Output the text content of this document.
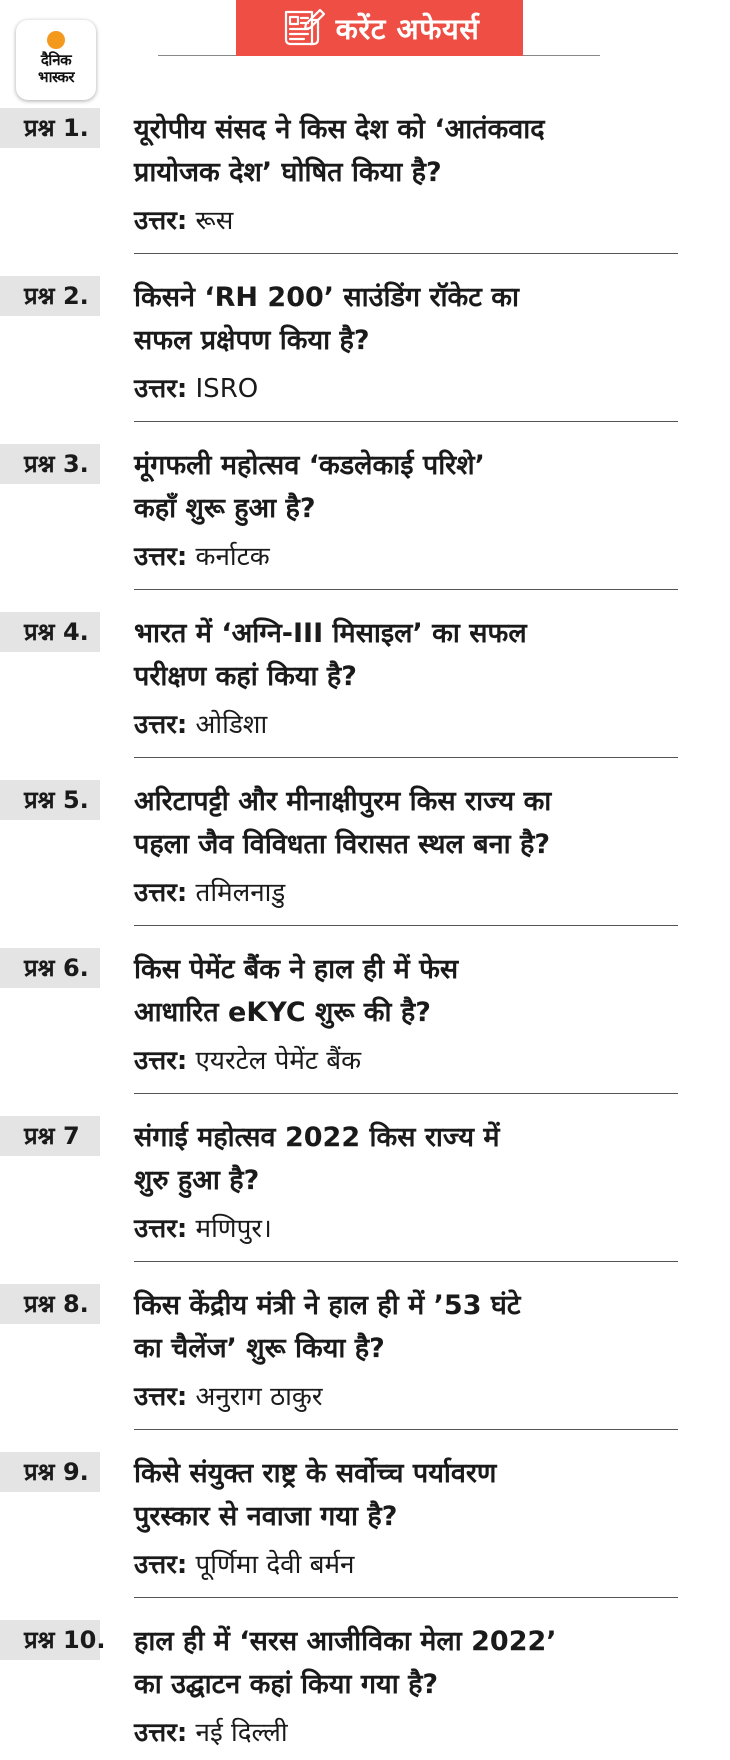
दैनिक
भास्कर
करेंट अफेयर्स
प्रश्न 1.	यूरोपीय संसद ने किस देश को ‘आतंकवाद
प्रायोजक देश’ घोषित किया है?
उत्तर: रूस
प्रश्न 2.	किसने ‘RH 200’ साउंडिंग रॉकेट का
सफल प्रक्षेपण किया है?
उत्तर: ISRO
प्रश्न 3.	मूंगफली महोत्सव ‘कडलेकाई परिशे’
कहाँ शुरू हुआ है?
उत्तर: कर्नाटक
प्रश्न 4.	भारत में ‘अग्नि-III मिसाइल’ का सफल
परीक्षण कहां किया है?
उत्तर: ओडिशा
प्रश्न 5.	अरिटापट्टी और मीनाक्षीपुरम किस राज्य का
पहला जैव विविधता विरासत स्थल बना है?
उत्तर: तमिलनाडु
प्रश्न 6.	किस पेमेंट बैंक ने हाल ही में फेस
आधारित eKYC शुरू की है?
उत्तर: एयरटेल पेमेंट बैंक
प्रश्न 7	संगाई महोत्सव 2022 किस राज्य में
शुरु हुआ है?
उत्तर: मणिपुर।
प्रश्न 8.	किस केंद्रीय मंत्री ने हाल ही में ’53 घंटे
का चैलेंज’ शुरू किया है?
उत्तर: अनुराग ठाकुर
प्रश्न 9.	किसे संयुक्त राष्ट्र के सर्वोच्च पर्यावरण
पुरस्कार से नवाजा गया है?
उत्तर: पूर्णिमा देवी बर्मन
प्रश्न 10. हाल ही में ‘सरस आजीविका मेला 2022’
का उद्घाटन कहां किया गया है?
उत्तर: नई दिल्ली
